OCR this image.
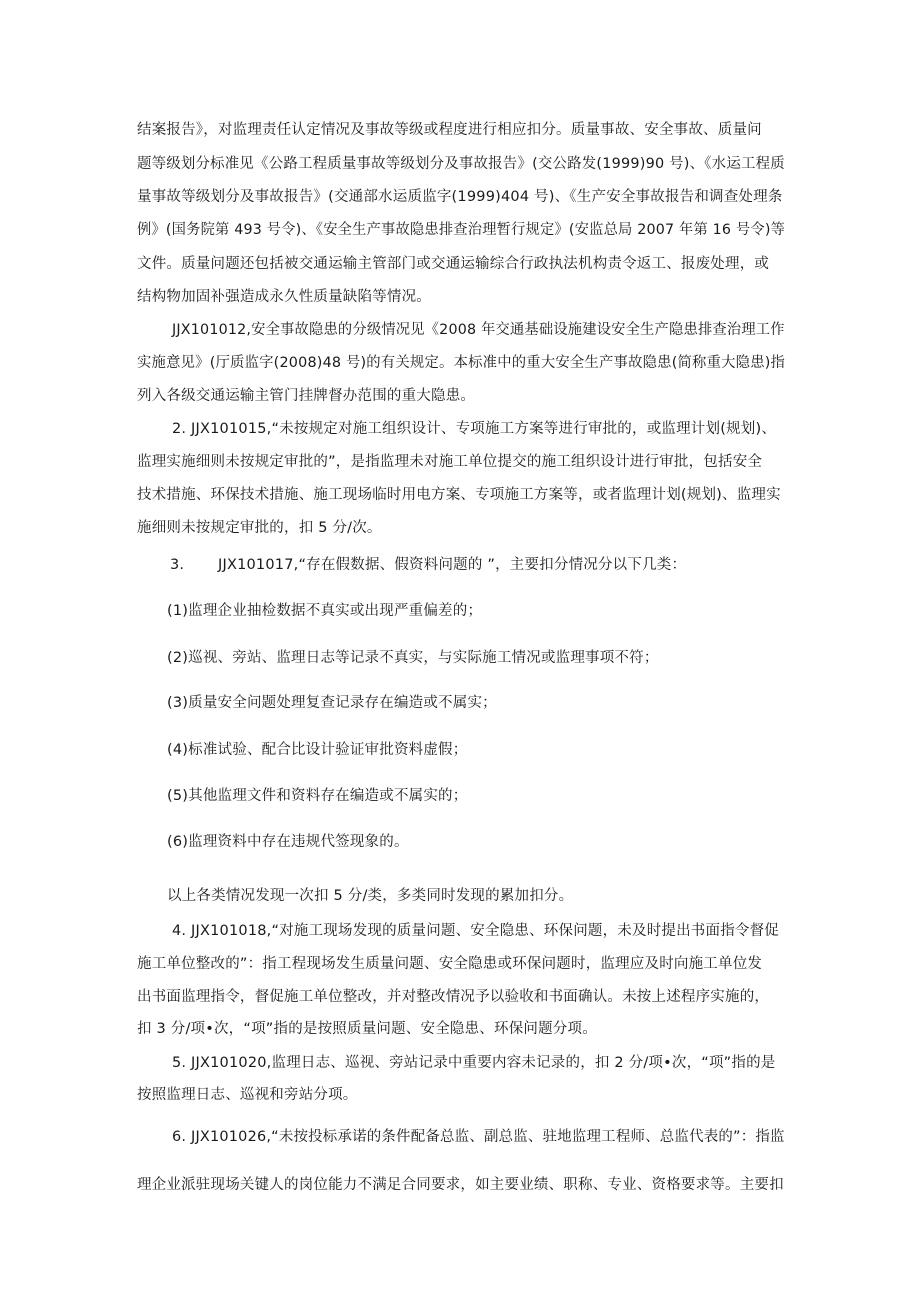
结案报告》，对监理责任认定情况及事故等级或程度进行相应扣分。质量事故、安全事故、质量问
题等级划分标准见《公路工程质量事故等级划分及事故报告》(交公路发(1999)90 号)、《水运工程质
量事故等级划分及事故报告》(交通部水运质监字(1999)404 号)、《生产安全事故报告和调查处理条
例》(国务院第 493 号令)、《安全生产事故隐患排查治理暂行规定》(安监总局 2007 年第 16 号令)等
文件。质量问题还包括被交通运输主管部门或交通运输综合行政执法机构责令返工、报废处理，或
结构物加固补强造成永久性质量缺陷等情况。
JJX101012,安全事故隐患的分级情况见《2008 年交通基础设施建设安全生产隐患排查治理工作
实施意见》(厅质监字(2008)48 号)的有关规定。本标准中的重大安全生产事故隐患(简称重大隐患)指
列入各级交通运输主管门挂牌督办范围的重大隐患。
2. JJX101015,“未按规定对施工组织设计、专项施工方案等进行审批的，或监理计划(规划)、
监理实施细则未按规定审批的”，是指监理未对施工单位提交的施工组织设计进行审批，包括安全
技术措施、环保技术措施、施工现场临时用电方案、专项施工方案等，或者监理计划(规划)、监理实
施细则未按规定审批的，扣 5 分/次。
3. JJX101017,“存在假数据、假资料问题的 ”，主要扣分情况分以下几类：
(1)监理企业抽检数据不真实或出现严重偏差的；
(2)巡视、旁站、监理日志等记录不真实，与实际施工情况或监理事项不符；
(3)质量安全问题处理复查记录存在编造或不属实；
(4)标准试验、配合比设计验证审批资料虚假；
(5)其他监理文件和资料存在编造或不属实的；
(6)监理资料中存在违规代签现象的。
以上各类情况发现一次扣 5 分/类，多类同时发现的累加扣分。
4. JJX101018,“对施工现场发现的质量问题、安全隐患、环保问题，未及时提出书面指令督促
施工单位整改的”：指工程现场发生质量问题、安全隐患或环保问题时，监理应及时向施工单位发
出书面监理指令，督促施工单位整改，并对整改情况予以验收和书面确认。未按上述程序实施的，
扣 3 分/项•次，“项”指的是按照质量问题、安全隐患、环保问题分项。
5. JJX101020,监理日志、巡视、旁站记录中重要内容未记录的，扣 2 分/项•次，“项”指的是
按照监理日志、巡视和旁站分项。
6. JJX101026,“未按投标承诺的条件配备总监、副总监、驻地监理工程师、总监代表的”：指监
理企业派驻现场关键人的岗位能力不满足合同要求，如主要业绩、职称、专业、资格要求等。主要扣
